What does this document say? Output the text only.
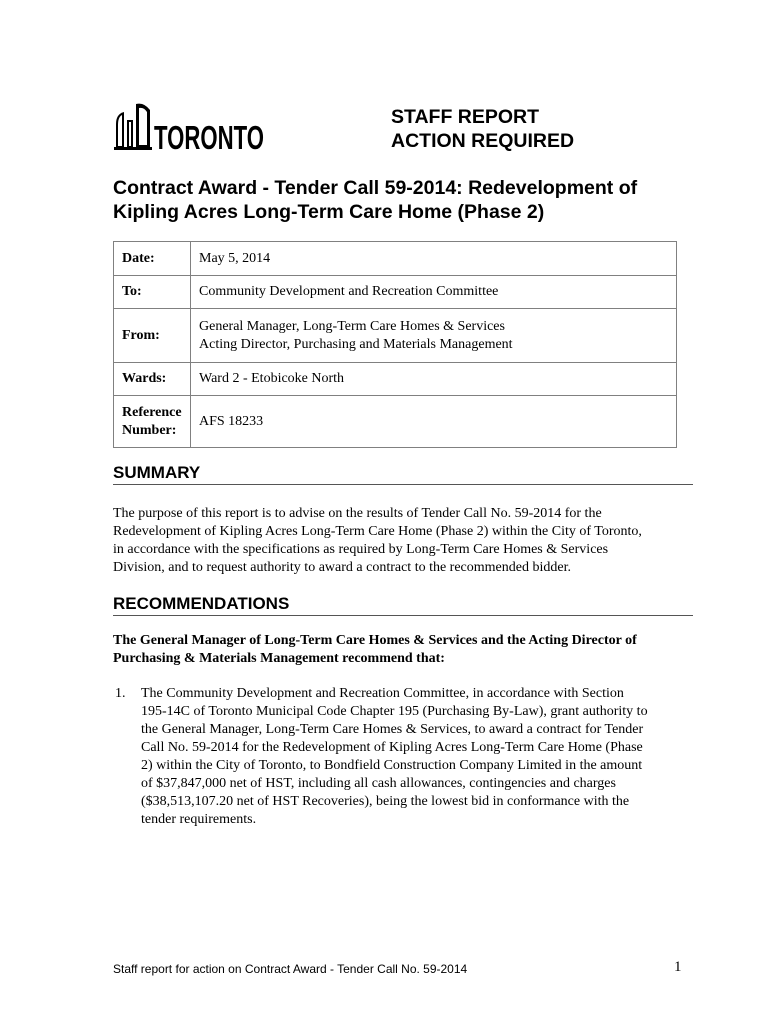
TORONTO
STAFF REPORT
ACTION REQUIRED
Contract Award - Tender Call 59-2014: Redevelopment of
Kipling Acres Long-Term Care Home (Phase 2)
Date:	May 5, 2014
To:	Community Development and Recreation Committee
From:	General Manager, Long-Term Care Homes & Services
Acting Director, Purchasing and Materials Management

Wards:	Ward 2 - Etobicoke North

Reference
Number:	AFS 18233
SUMMARY
The purpose of this report is to advise on the results of Tender Call No. 59-2014 for the
Redevelopment of Kipling Acres Long-Term Care Home (Phase 2) within the City of Toronto,
in accordance with the specifications as required by Long-Term Care Homes & Services
Division, and to request authority to award a contract to the recommended bidder.
RECOMMENDATIONS
The General Manager of Long-Term Care Homes & Services and the Acting Director of
Purchasing & Materials Management recommend that:
1. The Community Development and Recreation Committee, in accordance with Section
195-14C of Toronto Municipal Code Chapter 195 (Purchasing By-Law), grant authority to
the General Manager, Long-Term Care Homes & Services, to award a contract for Tender
Call No. 59-2014 for the Redevelopment of Kipling Acres Long-Term Care Home (Phase
2) within the City of Toronto, to Bondfield Construction Company Limited in the amount
of $37,847,000 net of HST, including all cash allowances, contingencies and charges
($38,513,107.20 net of HST Recoveries), being the lowest bid in conformance with the
tender requirements.
Staff report for action on Contract Award - Tender Call No. 59-2014	1
